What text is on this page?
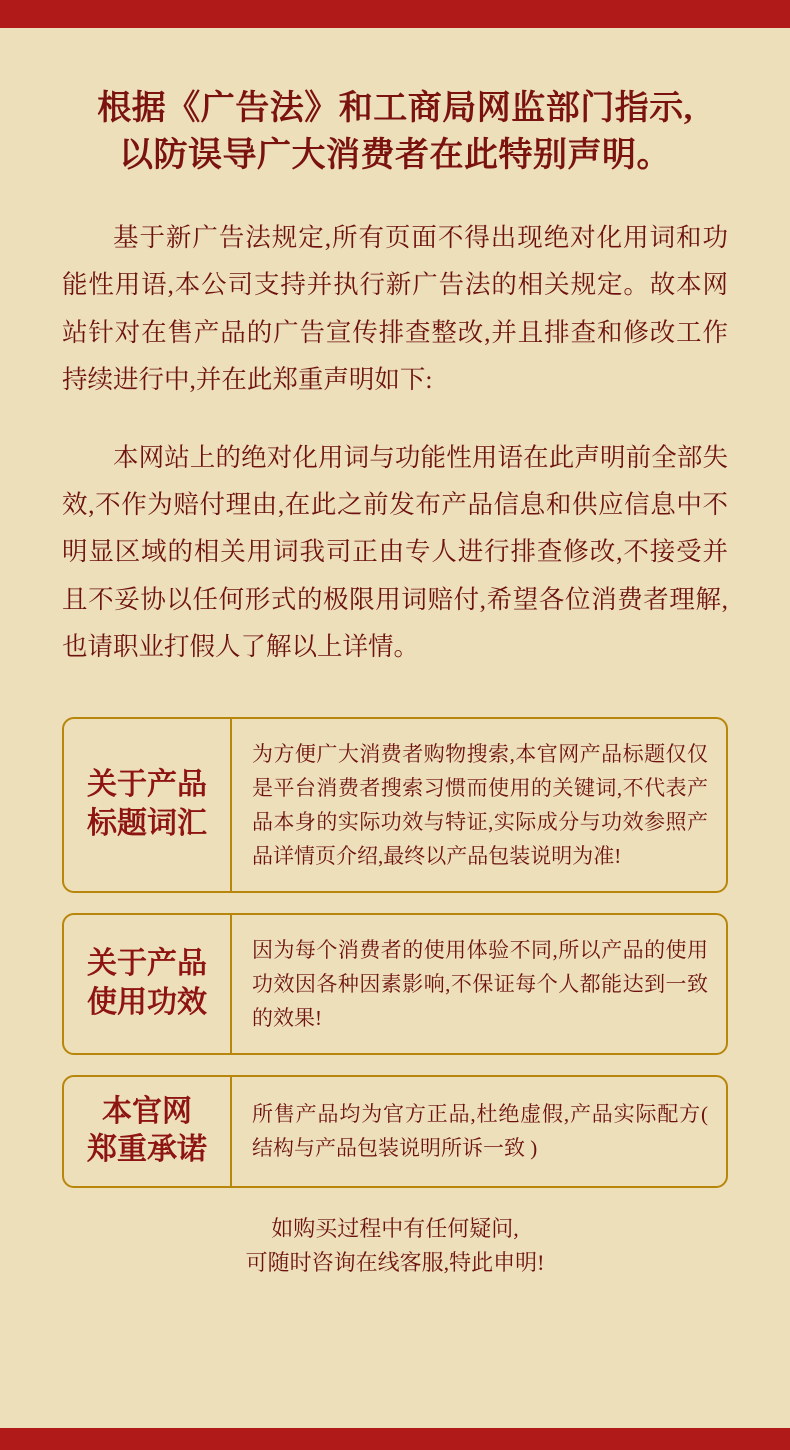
根据《广告法》和工商局网监部门指示,
以防误导广大消费者在此特别声明。

基于新广告法规定,所有页面不得出现绝对化用词和功能性用语,本公司支持并执行新广告法的相关规定。故本网站针对在售产品的广告宣传排查整改,并且排查和修改工作持续进行中,并在此郑重声明如下:

本网站上的绝对化用词与功能性用语在此声明前全部失效,不作为赔付理由,在此之前发布产品信息和供应信息中不明显区域的相关用词我司正由专人进行排查修改,不接受并且不妥协以任何形式的极限用词赔付,希望各位消费者理解,也请职业打假人了解以上详情。

关于产品
标题词汇
为方便广大消费者购物搜索,本官网产品标题仅仅是平台消费者搜索习惯而使用的关键词,不代表产品本身的实际功效与特证,实际成分与功效参照产品详情页介绍,最终以产品包装说明为准!
关于产品
使用功效
因为每个消费者的使用体验不同,所以产品的使用功效因各种因素影响,不保证每个人都能达到一致的效果!
本官网
郑重承诺
所售产品均为官方正品,杜绝虚假,产品实际配方( 结构与产品包装说明所诉一致 )
如购买过程中有任何疑问,
可随时咨询在线客服,特此申明!
